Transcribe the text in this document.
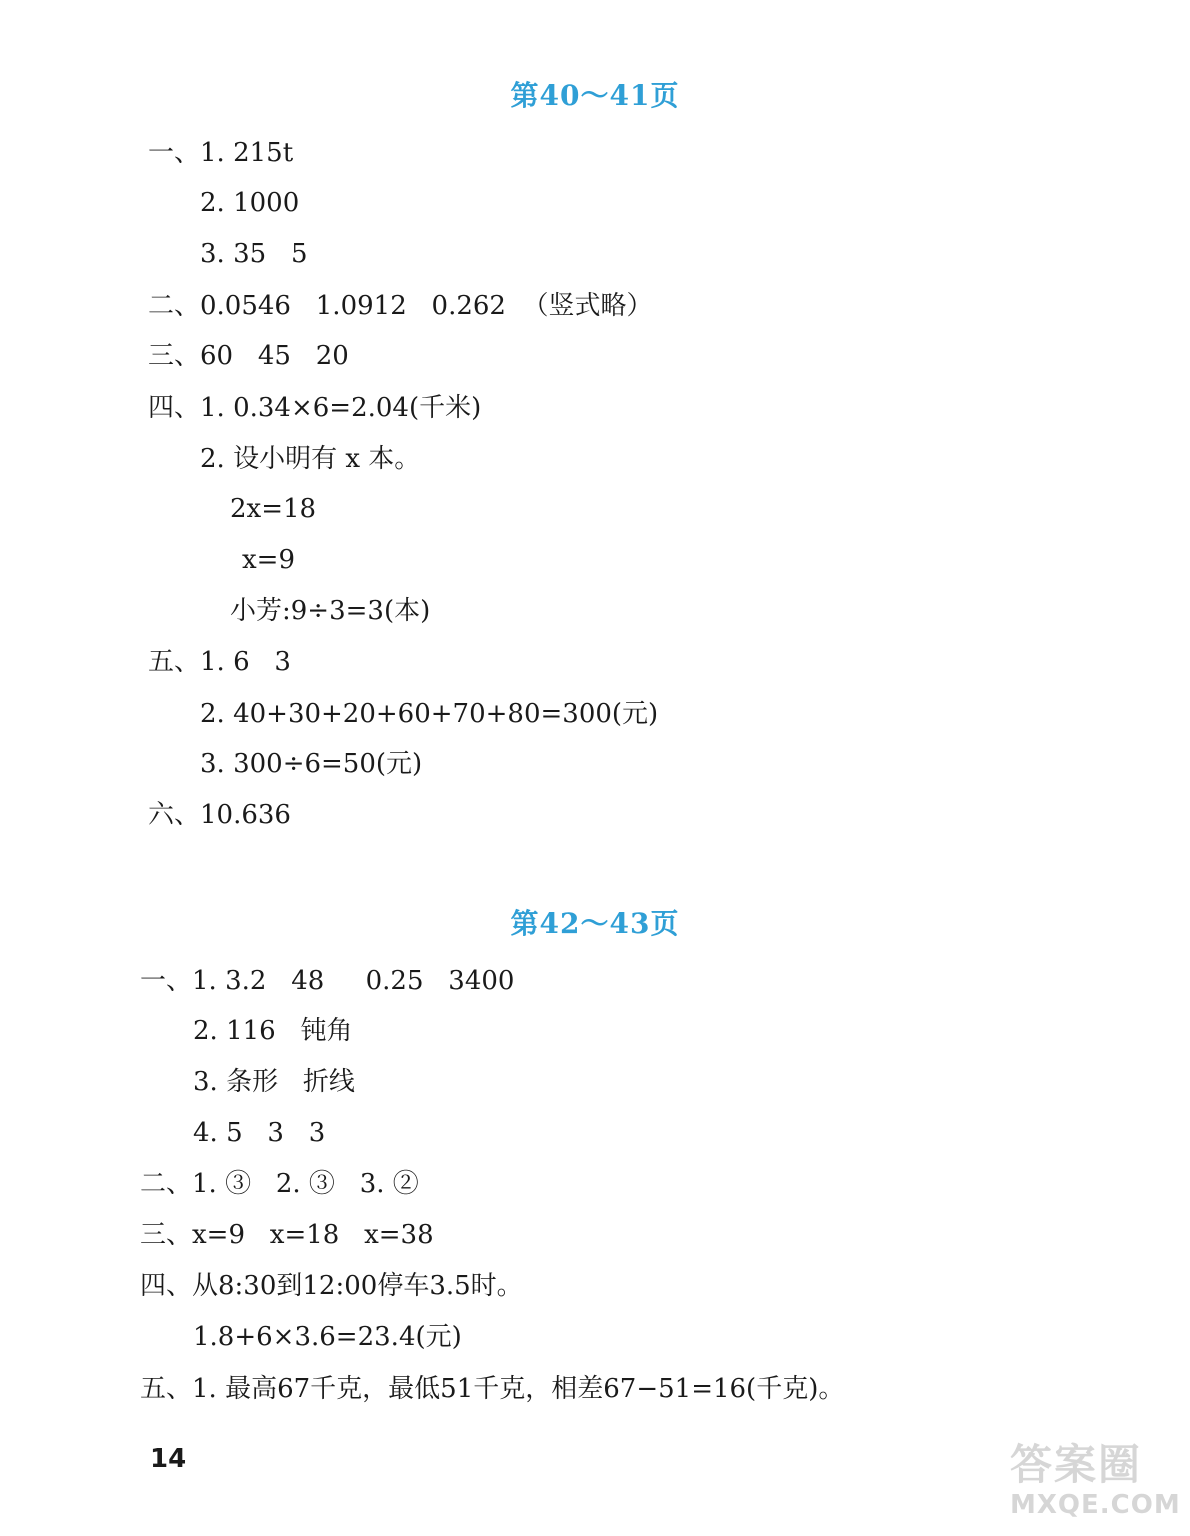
第40～41页
一、1. 215t
2. 1000
3. 35   5
二、0.0546   1.0912   0.262  （竖式略）
三、60   45   20
四、1. 0.34×6=2.04(千米)
2. 设小明有 x 本。
2x=18
x=9
小芳:9÷3=3(本)
五、1. 6   3
2. 40+30+20+60+70+80=300(元)
3. 300÷6=50(元)
六、10.636
第42～43页
一、1. 3.2   48     0.25   3400
2. 116   钝角
3. 条形   折线
4. 5   3   3
二、1. ③   2. ③   3. ②
三、x=9   x=18   x=38
四、从8:30到12:00停车3.5时。
1.8+6×3.6=23.4(元)
五、1. 最高67千克，最低51千克，相差67−51=16(千克)。
14	答案圈
MXQE.COM
